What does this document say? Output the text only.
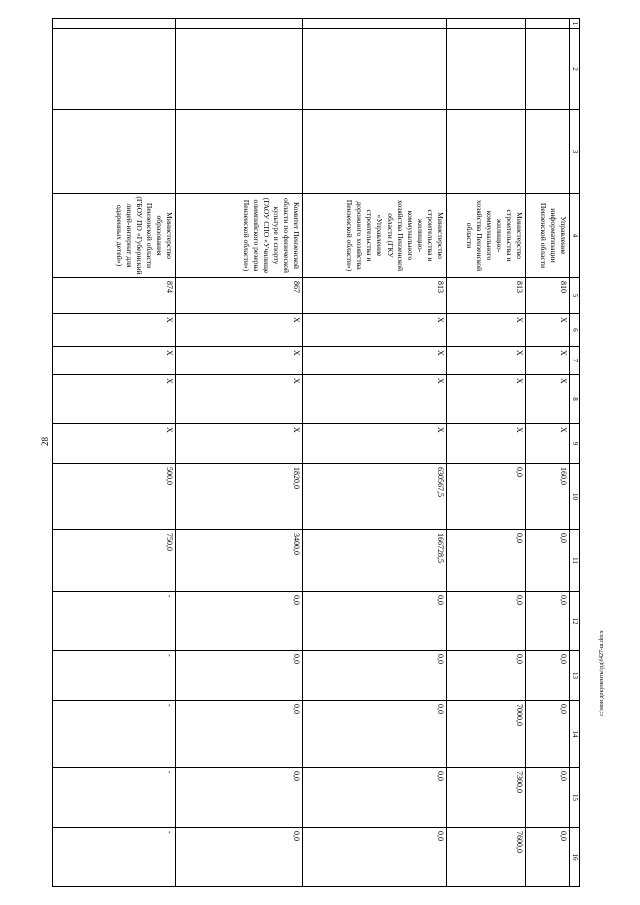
28
1	2	3	4	5	6	7	8	9	10	11	12	13	14	15	16
			Управление информатизации Пензенской области	810	X	X	X	X	160,0	0,0	0,0	0,0	0,0	0,0	0,0
			Министерство строительства и жилищно-коммунального хозяйства Пензенской области	813	X	X	X	X	0,0	0,0	0,0	0,0	7000,0	7300,0	7600,0
			Министерство строительства и жилищно-коммунального хозяйства Пензенской области (ГКУ «Управление строительства и дорожного хозяйства Пензенской области»)	813	X	X	X	X	630567,5	166728,5	0,0	0,0	0,0	0,0	0,0
			Комитет Пензенской области по физической культуре и спорту (ГАОУ СПО «Училище олимпийского резерва Пензенской области»)	867	X	X	X	X	1820,0	3400,0	0,0	0,0	0,0	0,0	0,0
			Министерство образования Пензенской области (ГБОУ ПО «Губернский лицей-интернат для одаренных детей»)	874	X	X	X	X	500,0	750,0	-	-	-	-	-
c:\мои документы\рд\f427-ш.docx
